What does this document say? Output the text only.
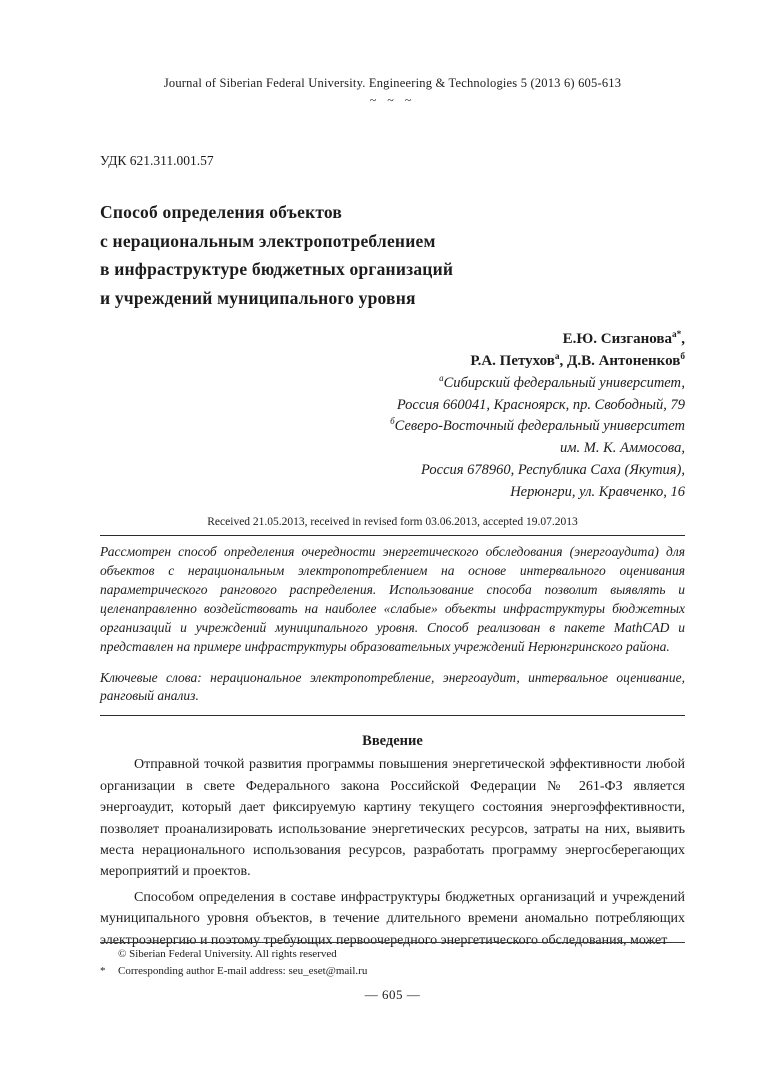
Journal of Siberian Federal University. Engineering & Technologies 5 (2013 6) 605-613
~ ~ ~
УДК 621.311.001.57
Способ определения объектов
с нерациональным электропотреблением
в инфраструктуре бюджетных организаций
и учреждений муниципального уровня
Е.Ю. Сизганова$^{а*}$,
Р.А. Петухов$^а$, Д.В. Антоненков$^б$
$^а$Сибирский федеральный университет,
Россия 660041, Красноярск, пр. Свободный, 79
$^б$Северо-Восточный федеральный университет
им. М. К. Аммосова,
Россия 678960, Республика Саха (Якутия),
Нерюнгри, ул. Кравченко, 16
Received 21.05.2013, received in revised form 03.06.2013, accepted 19.07.2013
Рассмотрен способ определения очередности энергетического обследования (энергоаудита) для объектов с нерациональным электропотреблением на основе интервального оценивания параметрического рангового распределения. Использование способа позволит выявлять и целенаправленно воздействовать на наиболее «слабые» объекты инфраструктуры бюджетных организаций и учреждений муниципального уровня. Способ реализован в пакете MathCAD и представлен на примере инфраструктуры образовательных учреждений Нерюнгринского района.
Ключевые слова: нерациональное электропотребление, энергоаудит, интервальное оценивание, ранговый анализ.
Введение

Отправной точкой развития программы повышения энергетической эффективности любой организации в свете Федерального закона Российской Федерации № 261-ФЗ является энергоаудит, который дает фиксируемую картину текущего состояния энергоэффективности, позволяет проанализировать использование энергетических ресурсов, затраты на них, выявить места нерационального использования ресурсов, разработать программу энергосберегающих мероприятий и проектов.

Способом определения в составе инфраструктуры бюджетных организаций и учреждений муниципального уровня объектов, в течение длительного времени аномально потребляющих электроэнергию и поэтому требующих первоочередного энергетического обследования, может

© Siberian Federal University. All rights reserved
* Corresponding author E-mail address: seu_eset@mail.ru
— 605 —
